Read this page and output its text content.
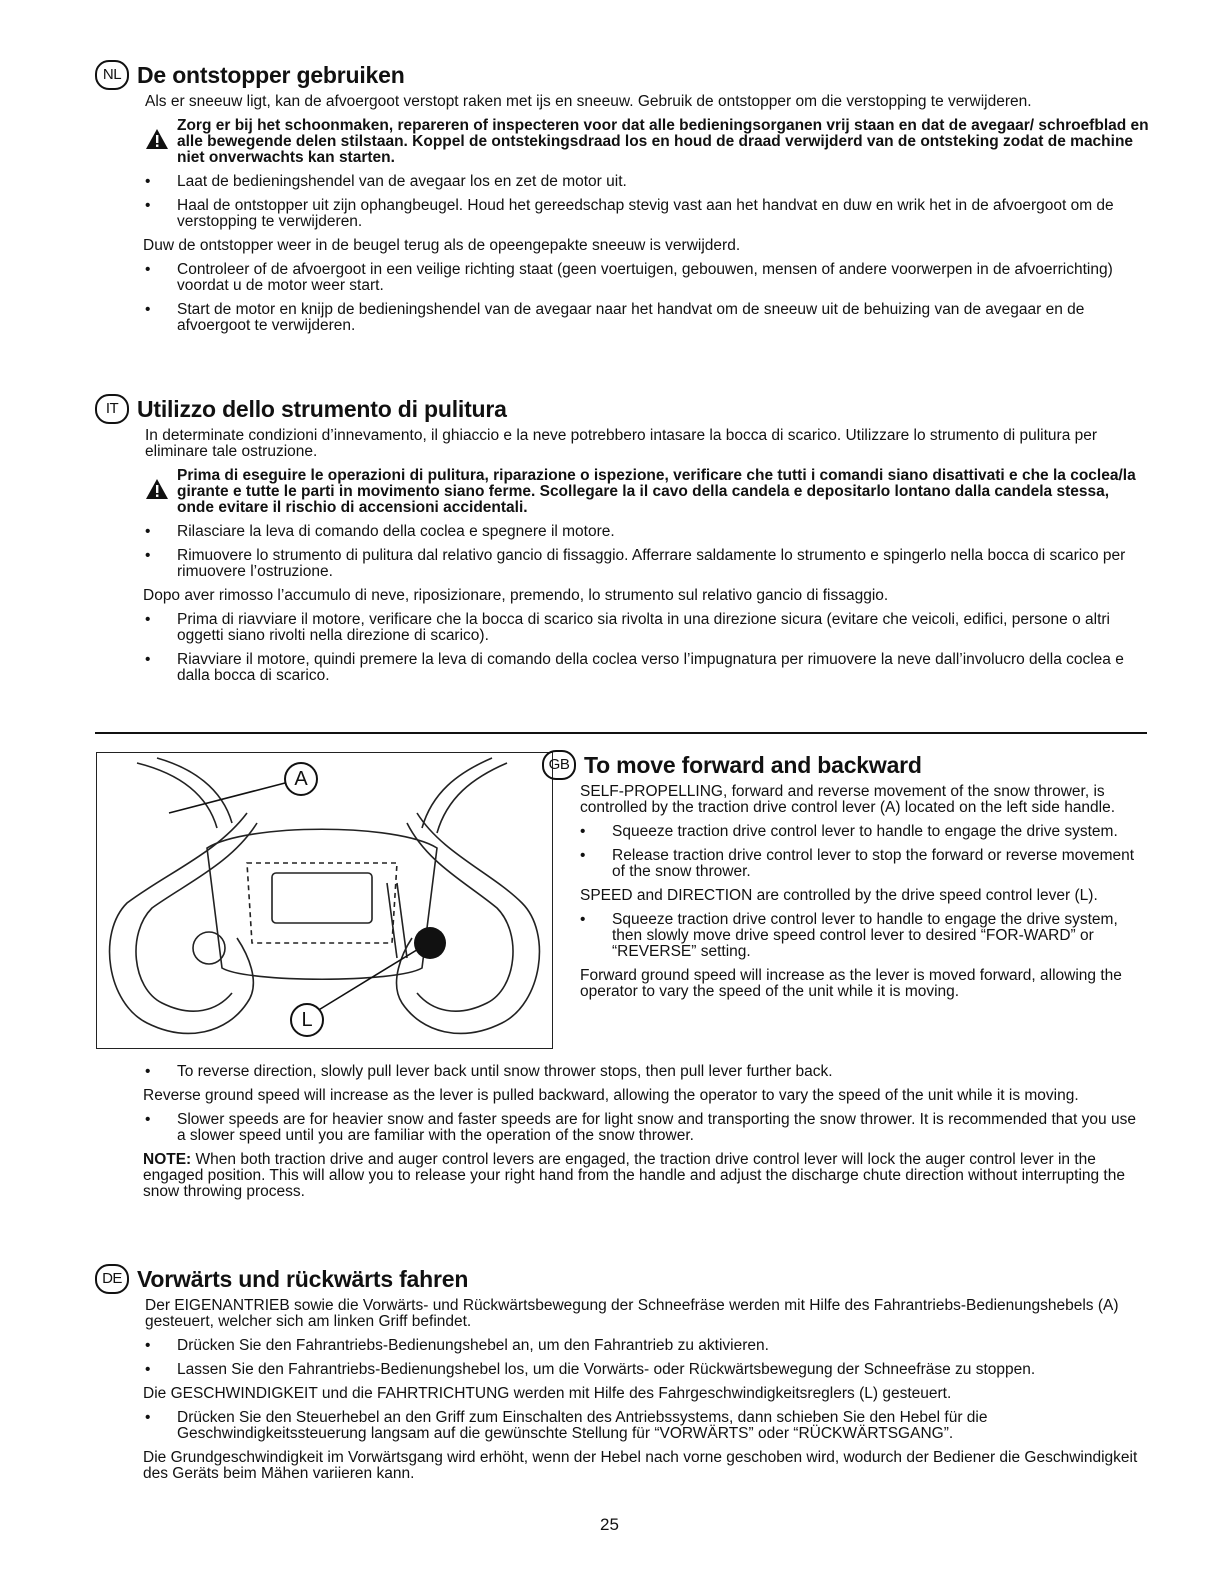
NL De ontstopper gebruiken

Als er sneeuw ligt, kan de afvoergoot verstopt raken met ijs en sneeuw. Gebruik de ontstopper om die verstopping te verwijderen.

Zorg er bij het schoonmaken, repareren of inspecteren voor dat alle bedieningsorganen vrij staan en dat de avegaar/ schroefblad en alle bewegende delen stilstaan. Koppel de ontstekingsdraad los en houd de draad verwijderd van de ontsteking zodat de machine niet onverwachts kan starten.
• Laat de bedieningshendel van de avegaar los en zet de motor uit.
• Haal de ontstopper uit zijn ophangbeugel. Houd het gereedschap stevig vast aan het handvat en duw en wrik het in de afvoergoot om de verstopping te verwijderen.

Duw de ontstopper weer in de beugel terug als de opeengepakte sneeuw is verwijderd.

• Controleer of de afvoergoot in een veilige richting staat (geen voertuigen, gebouwen, mensen of andere voorwerpen in de afvoerrichting) voordat u de motor weer start.
• Start de motor en knijp de bedieningshendel van de avegaar naar het handvat om de sneeuw uit de behuizing van de avegaar en de afvoergoot te verwijderen.
IT Utilizzo dello strumento di pulitura

In determinate condizioni d’innevamento, il ghiaccio e la neve potrebbero intasare la bocca di scarico. Utilizzare lo strumento di pulitura per eliminare tale ostruzione.

Prima di eseguire le operazioni di pulitura, riparazione o ispezione, verificare che tutti i comandi siano disattivati e che la coclea/la girante e tutte le parti in movimento siano ferme. Scollegare la il cavo della candela e depositarlo lontano dalla candela stessa, onde evitare il rischio di accensioni accidentali.
• Rilasciare la leva di comando della coclea e spegnere il motore.
• Rimuovere lo strumento di pulitura dal relativo gancio di fissaggio. Afferrare saldamente lo strumento e spingerlo nella bocca di scarico per rimuovere l’ostruzione.

Dopo aver rimosso l’accumulo di neve, riposizionare, premendo, lo strumento sul relativo gancio di fissaggio.

• Prima di riavviare il motore, verificare che la bocca di scarico sia rivolta in una direzione sicura (evitare che veicoli, edifici, persone o altri oggetti siano rivolti nella direzione di scarico).
• Riavviare il motore, quindi premere la leva di comando della coclea verso l’impugnatura per rimuovere la neve dall’involucro della coclea e dalla bocca di scarico.
A
L
GB To move forward and backward

SELF-PROPELLING, forward and reverse movement of the snow thrower, is controlled by the traction drive control lever (A) located on the left side handle.

• Squeeze traction drive control lever to handle to engage the drive system.
• Release traction drive control lever to stop the forward or reverse movement of the snow thrower.

SPEED and DIRECTION are controlled by the drive speed control lever (L).

• Squeeze traction drive control lever to handle to engage the drive system, then slowly move drive speed control lever to desired “FOR-WARD” or “REVERSE” setting.

Forward ground speed will increase as the lever is moved forward, allowing the operator to vary the speed of the unit while it is moving.

• To reverse direction, slowly pull lever back until snow thrower stops, then pull lever further back.

Reverse ground speed will increase as the lever is pulled backward, allowing the operator to vary the speed of the unit while it is moving.

• Slower speeds are for heavier snow and faster speeds are for light snow and transporting the snow thrower. It is recommended that you use a slower speed until you are familiar with the operation of the snow thrower.

NOTE: When both traction drive and auger control levers are engaged, the traction drive control lever will lock the auger control lever in the engaged position. This will allow you to release your right hand from the handle and adjust the discharge chute direction without interrupting the snow throwing process.

DE Vorwärts und rückwärts fahren

Der EIGENANTRIEB sowie die Vorwärts- und Rückwärtsbewegung der Schneefräse werden mit Hilfe des Fahrantriebs-Bedienungshebels (A) gesteuert, welcher sich am linken Griff befindet.

• Drücken Sie den Fahrantriebs-Bedienungshebel an, um den Fahrantrieb zu aktivieren.
• Lassen Sie den Fahrantriebs-Bedienungshebel los, um die Vorwärts- oder Rückwärtsbewegung der Schneefräse zu stoppen.

Die GESCHWINDIGKEIT und die FAHRTRICHTUNG werden mit Hilfe des Fahrgeschwindigkeitsreglers (L) gesteuert.

• Drücken Sie den Steuerhebel an den Griff zum Einschalten des Antriebssystems, dann schieben Sie den Hebel für die Geschwindigkeitssteuerung langsam auf die gewünschte Stellung für “VORWÄRTS” oder “RÜCKWÄRTSGANG”.

Die Grundgeschwindigkeit im Vorwärtsgang wird erhöht, wenn der Hebel nach vorne geschoben wird, wodurch der Bediener die Geschwindigkeit des Geräts beim Mähen variieren kann.

25
